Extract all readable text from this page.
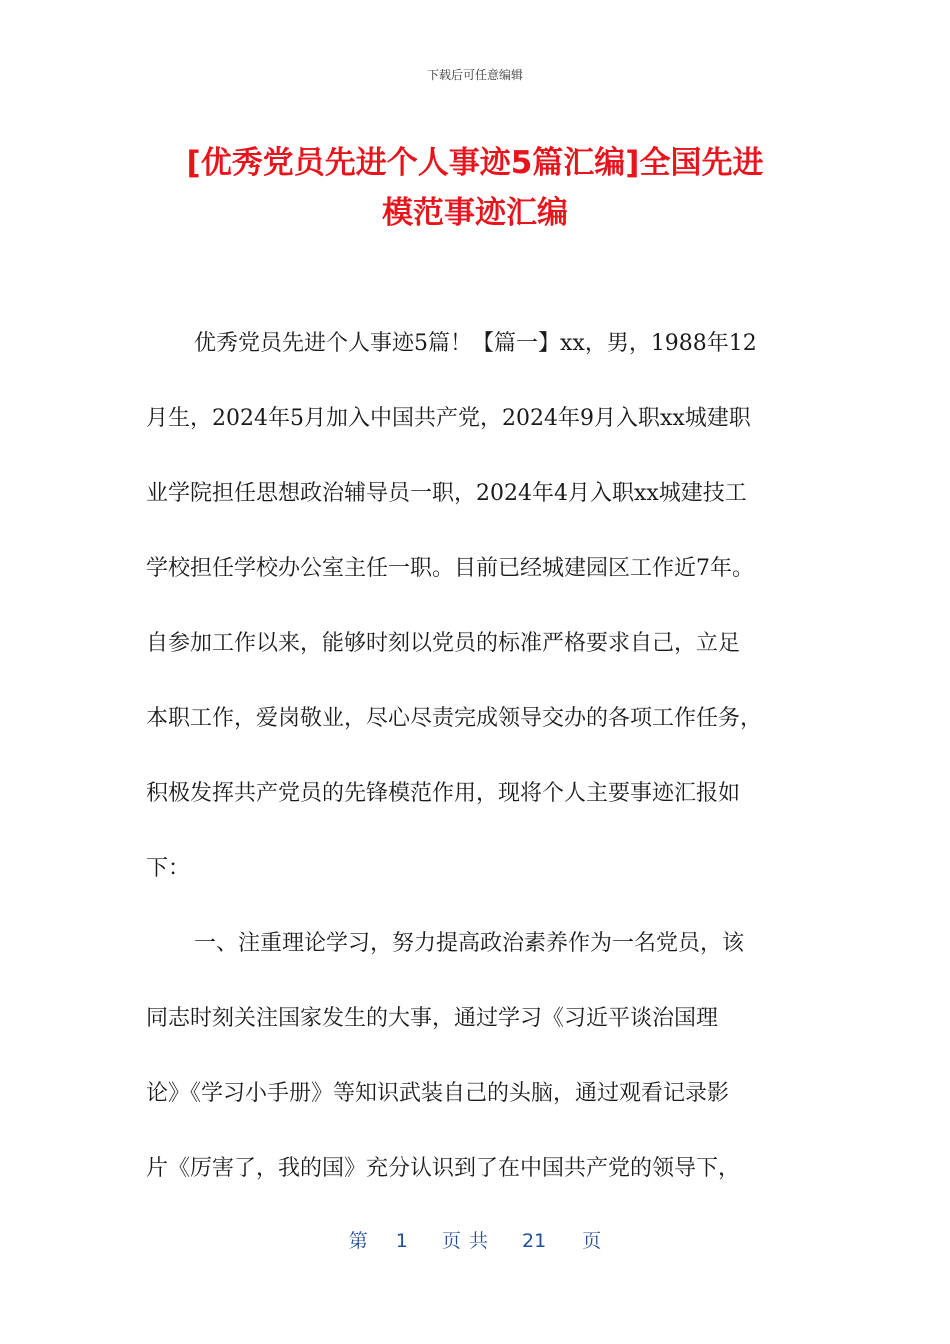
下载后可任意编辑
[优秀党员先进个人事迹5篇汇编]全国先进
模范事迹汇编
优秀党员先进个人事迹5篇！【篇一】xx，男，1988年12
月生，2024年5月加入中国共产党，2024年9月入职xx城建职
业学院担任思想政治辅导员一职，2024年4月入职xx城建技工
学校担任学校办公室主任一职。目前已经城建园区工作近7年。
自参加工作以来，能够时刻以党员的标准严格要求自己，立足
本职工作，爱岗敬业，尽心尽责完成领导交办的各项工作任务，
积极发挥共产党员的先锋模范作用，现将个人主要事迹汇报如
下：
一、注重理论学习，努力提高政治素养作为一名党员，该
同志时刻关注国家发生的大事，通过学习《习近平谈治国理
论》《学习小手册》等知识武装自己的头脑，通过观看记录影
片《厉害了，我的国》充分认识到了在中国共产党的领导下，
第 1 页共 21 页
